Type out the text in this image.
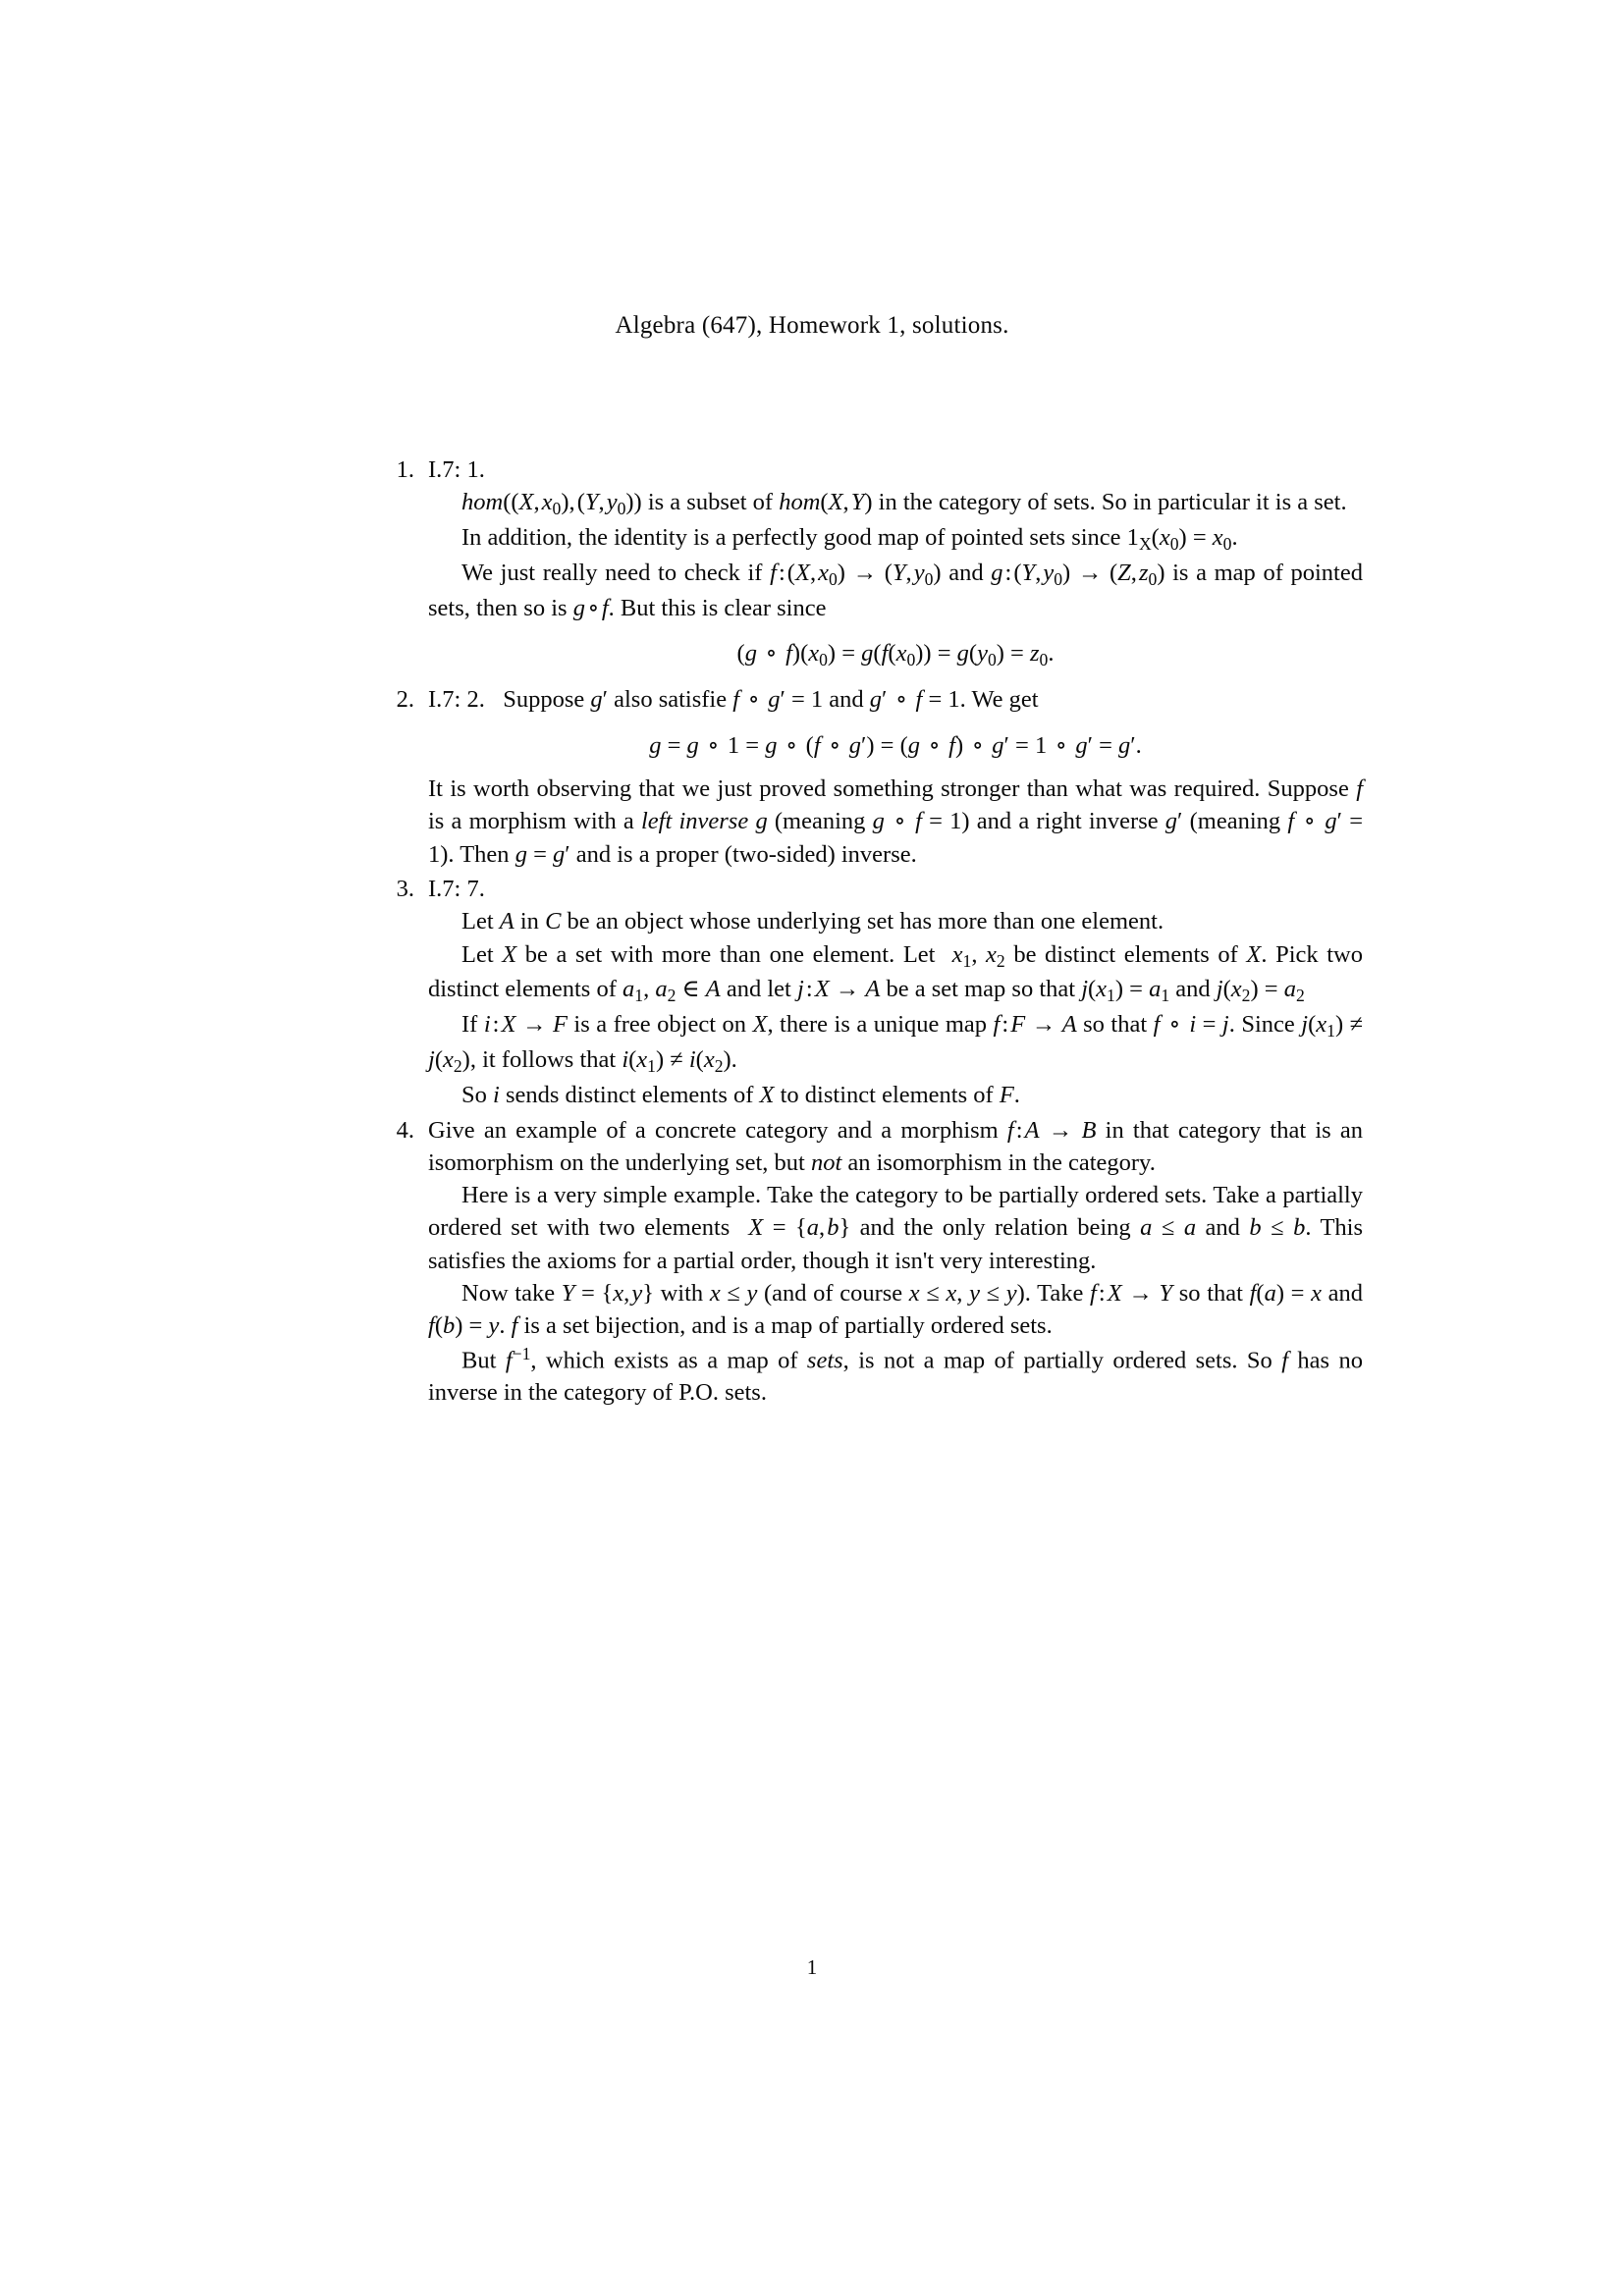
Algebra (647), Homework 1, solutions.
1. I.7: 1.

hom((X, $x_0$), (Y, $y_0$)) is a subset of hom(X, Y) in the category of sets. So in particular it is a set.

In addition, the identity is a perfectly good map of pointed sets since $1_X(x_0) = x_0$.

We just really need to check if f : (X, $x_0) \to (Y$, $y_0$) and g : (Y, $y_0) \to (Z$, $z_0$) is a map of pointed sets, then so is g∘f. But this is clear since

(g ∘ $f)(x_0) = g(f(x_0)) = g(y_0) = z_0$.
2. I.7: 2.   Suppose g′ also satisfie f ∘ g′ = 1 and g′ ∘ f = 1. We get

g = g ∘ 1 = g ∘ (f ∘ g′) = (g ∘ f) ∘ g′ = 1 ∘ g′ = g′.

It is worth observing that we just proved something stronger than what was required. Suppose f is a morphism with a left inverse g (meaning g ∘ f = 1) and a right inverse g′ (meaning f ∘ g′ = 1). Then g = g′ and is a proper (two-sided) inverse.

3. I.7: 7.

Let A in C be an object whose underlying set has more than one element.

Let X be a set with more than one element. Let  $x_1$, $x_2$ be distinct elements of X. Pick two distinct elements of $a_1$, $a_2$ ∈ A and let j : X → A be a set map so that $j(x_1) = a_1$ and $j(x_2) = a_2$

If i : X → F is a free object on X, there is a unique map f : F → A so that f ∘ i = j. Since $j(x_1) \ne j(x_2)$, it follows that $i(x_1) \ne i(x_2)$.

So i sends distinct elements of X to distinct elements of F.

4. Give an example of a concrete category and a morphism f : A → B in that category that is an isomorphism on the underlying set, but not an isomorphism in the category.

Here is a very simple example. Take the category to be partially ordered sets. Take a partially ordered set with two elements  X = {a, b} and the only relation being a ≤ a and b ≤ b. This satisfies the axioms for a partial order, though it isn't very interesting.

Now take Y = {x, y} with x ≤ y (and of course x ≤ x, y ≤ y). Take f : X → Y so that f(a) = x and f(b) = y. f is a set bijection, and is a map of partially ordered sets.

But $f^{-1}$, which exists as a map of sets, is not a map of partially ordered sets. So f has no inverse in the category of P.O. sets.

1
